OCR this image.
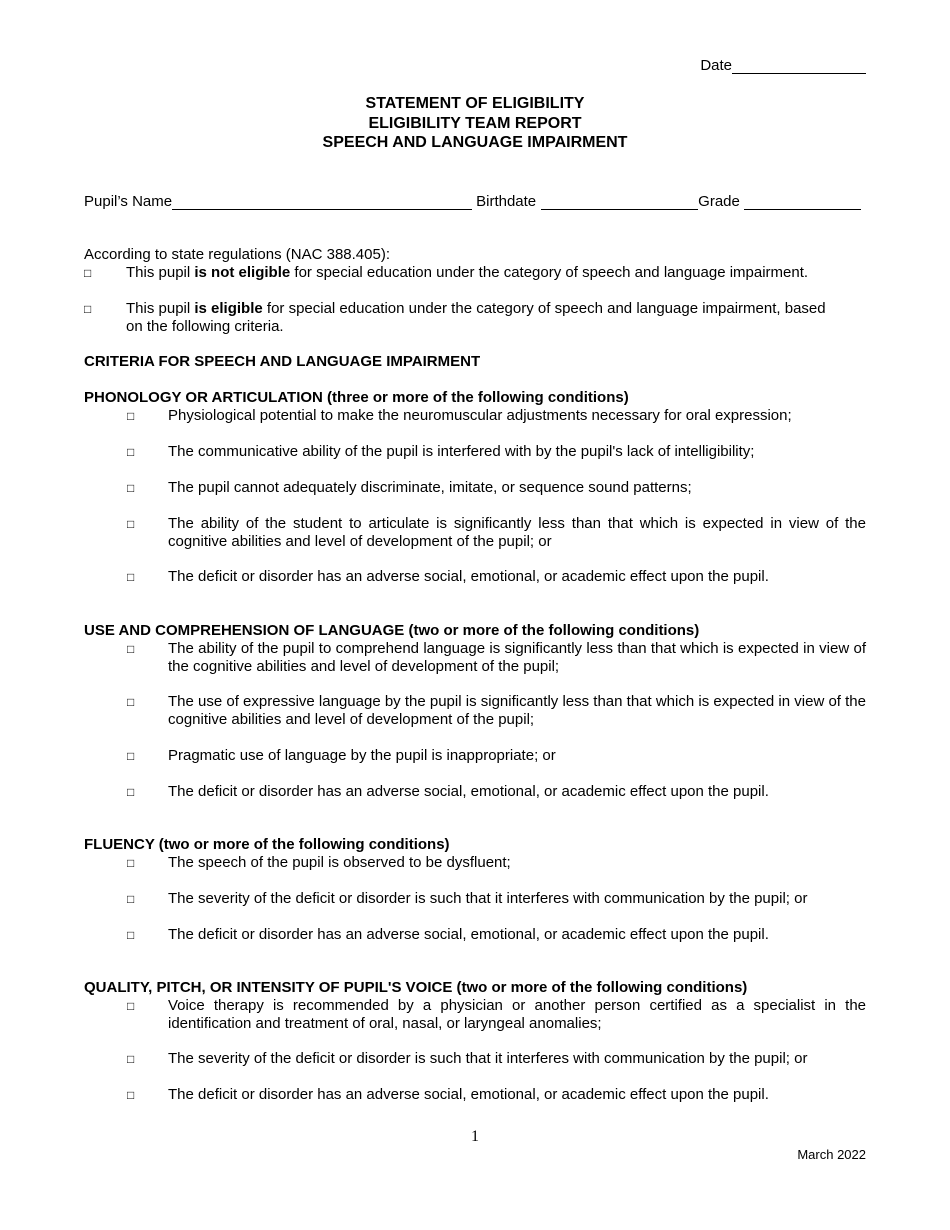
Date
STATEMENT OF ELIGIBILITY
ELIGIBILITY TEAM REPORT
SPEECH AND LANGUAGE IMPAIRMENT
Pupil’s Name	Birthdate	Grade
According to state regulations (NAC 388.405):
□ This pupil is not eligible for special education under the category of speech and language impairment.
□ This pupil is eligible for special education under the category of speech and language impairment, based on the following criteria.
CRITERIA FOR SPEECH AND LANGUAGE IMPAIRMENT
PHONOLOGY OR ARTICULATION (three or more of the following conditions)
□ Physiological potential to make the neuromuscular adjustments necessary for oral expression;
□ The communicative ability of the pupil is interfered with by the pupil's lack of intelligibility;
□ The pupil cannot adequately discriminate, imitate, or sequence sound patterns;
□ The ability of the student to articulate is significantly less than that which is expected in view of the cognitive abilities and level of development of the pupil; or
□ The deficit or disorder has an adverse social, emotional, or academic effect upon the pupil.
USE AND COMPREHENSION OF LANGUAGE (two or more of the following conditions)
□ The ability of the pupil to comprehend language is significantly less than that which is expected in view of the cognitive abilities and level of development of the pupil;
□ The use of expressive language by the pupil is significantly less than that which is expected in view of the cognitive abilities and level of development of the pupil;
□ Pragmatic use of language by the pupil is inappropriate; or
□ The deficit or disorder has an adverse social, emotional, or academic effect upon the pupil.
FLUENCY (two or more of the following conditions)
□ The speech of the pupil is observed to be dysfluent;
□ The severity of the deficit or disorder is such that it interferes with communication by the pupil; or
□ The deficit or disorder has an adverse social, emotional, or academic effect upon the pupil.
QUALITY, PITCH, OR INTENSITY OF PUPIL'S VOICE (two or more of the following conditions)
□ Voice therapy is recommended by a physician or another person certified as a specialist in the identification and treatment of oral, nasal, or laryngeal anomalies;
□ The severity of the deficit or disorder is such that it interferes with communication by the pupil; or
□ The deficit or disorder has an adverse social, emotional, or academic effect upon the pupil.
1
March 2022
